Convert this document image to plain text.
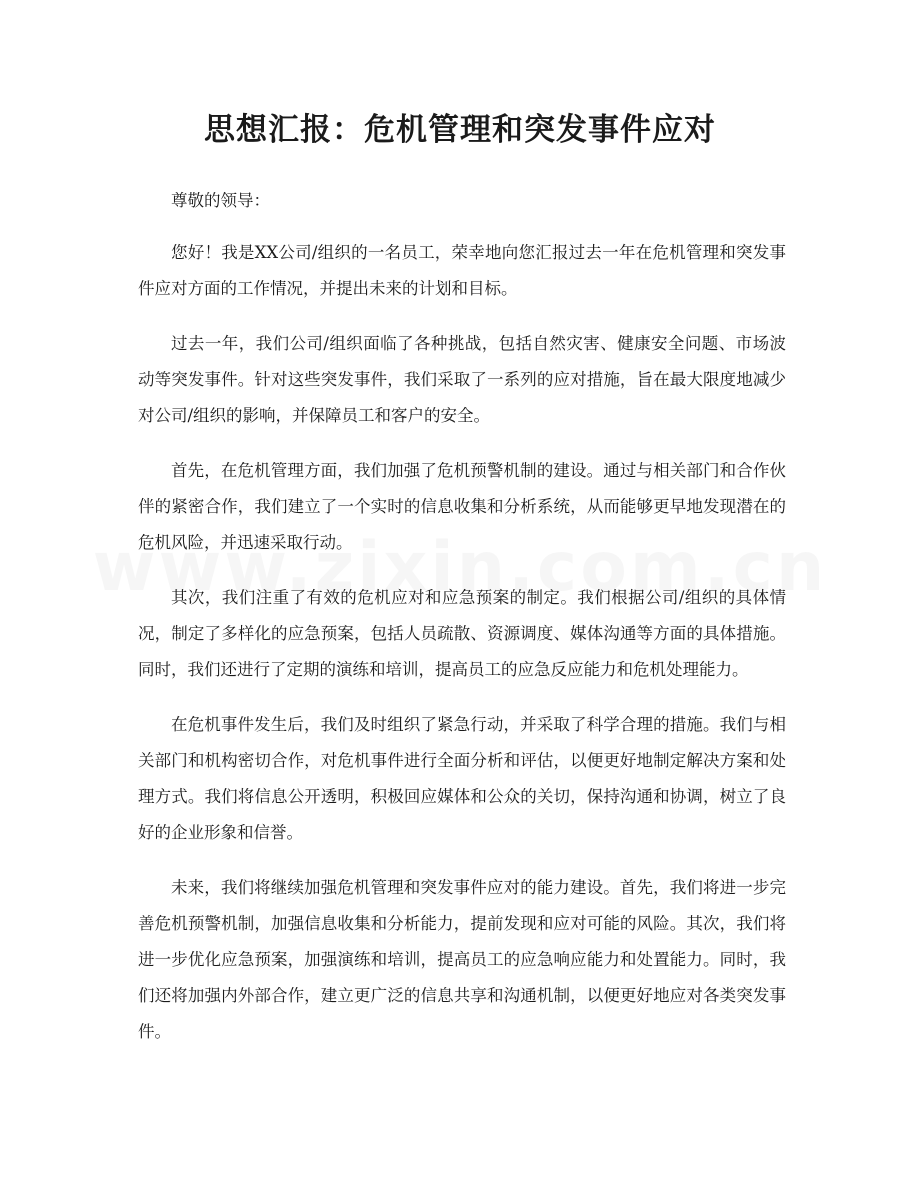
思想汇报：危机管理和突发事件应对

尊敬的领导：

您好！我是XX公司/组织的一名员工，荣幸地向您汇报过去一年在危机管理和突发事件应对方面的工作情况，并提出未来的计划和目标。

过去一年，我们公司/组织面临了各种挑战，包括自然灾害、健康安全问题、市场波动等突发事件。针对这些突发事件，我们采取了一系列的应对措施，旨在最大限度地减少对公司/组织的影响，并保障员工和客户的安全。

首先，在危机管理方面，我们加强了危机预警机制的建设。通过与相关部门和合作伙伴的紧密合作，我们建立了一个实时的信息收集和分析系统，从而能够更早地发现潜在的危机风险，并迅速采取行动。

其次，我们注重了有效的危机应对和应急预案的制定。我们根据公司/组织的具体情况，制定了多样化的应急预案，包括人员疏散、资源调度、媒体沟通等方面的具体措施。同时，我们还进行了定期的演练和培训，提高员工的应急反应能力和危机处理能力。

在危机事件发生后，我们及时组织了紧急行动，并采取了科学合理的措施。我们与相关部门和机构密切合作，对危机事件进行全面分析和评估，以便更好地制定解决方案和处理方式。我们将信息公开透明，积极回应媒体和公众的关切，保持沟通和协调，树立了良好的企业形象和信誉。

未来，我们将继续加强危机管理和突发事件应对的能力建设。首先，我们将进一步完善危机预警机制，加强信息收集和分析能力，提前发现和应对可能的风险。其次，我们将进一步优化应急预案，加强演练和培训，提高员工的应急响应能力和处置能力。同时，我们还将加强内外部合作，建立更广泛的信息共享和沟通机制，以便更好地应对各类突发事件。
